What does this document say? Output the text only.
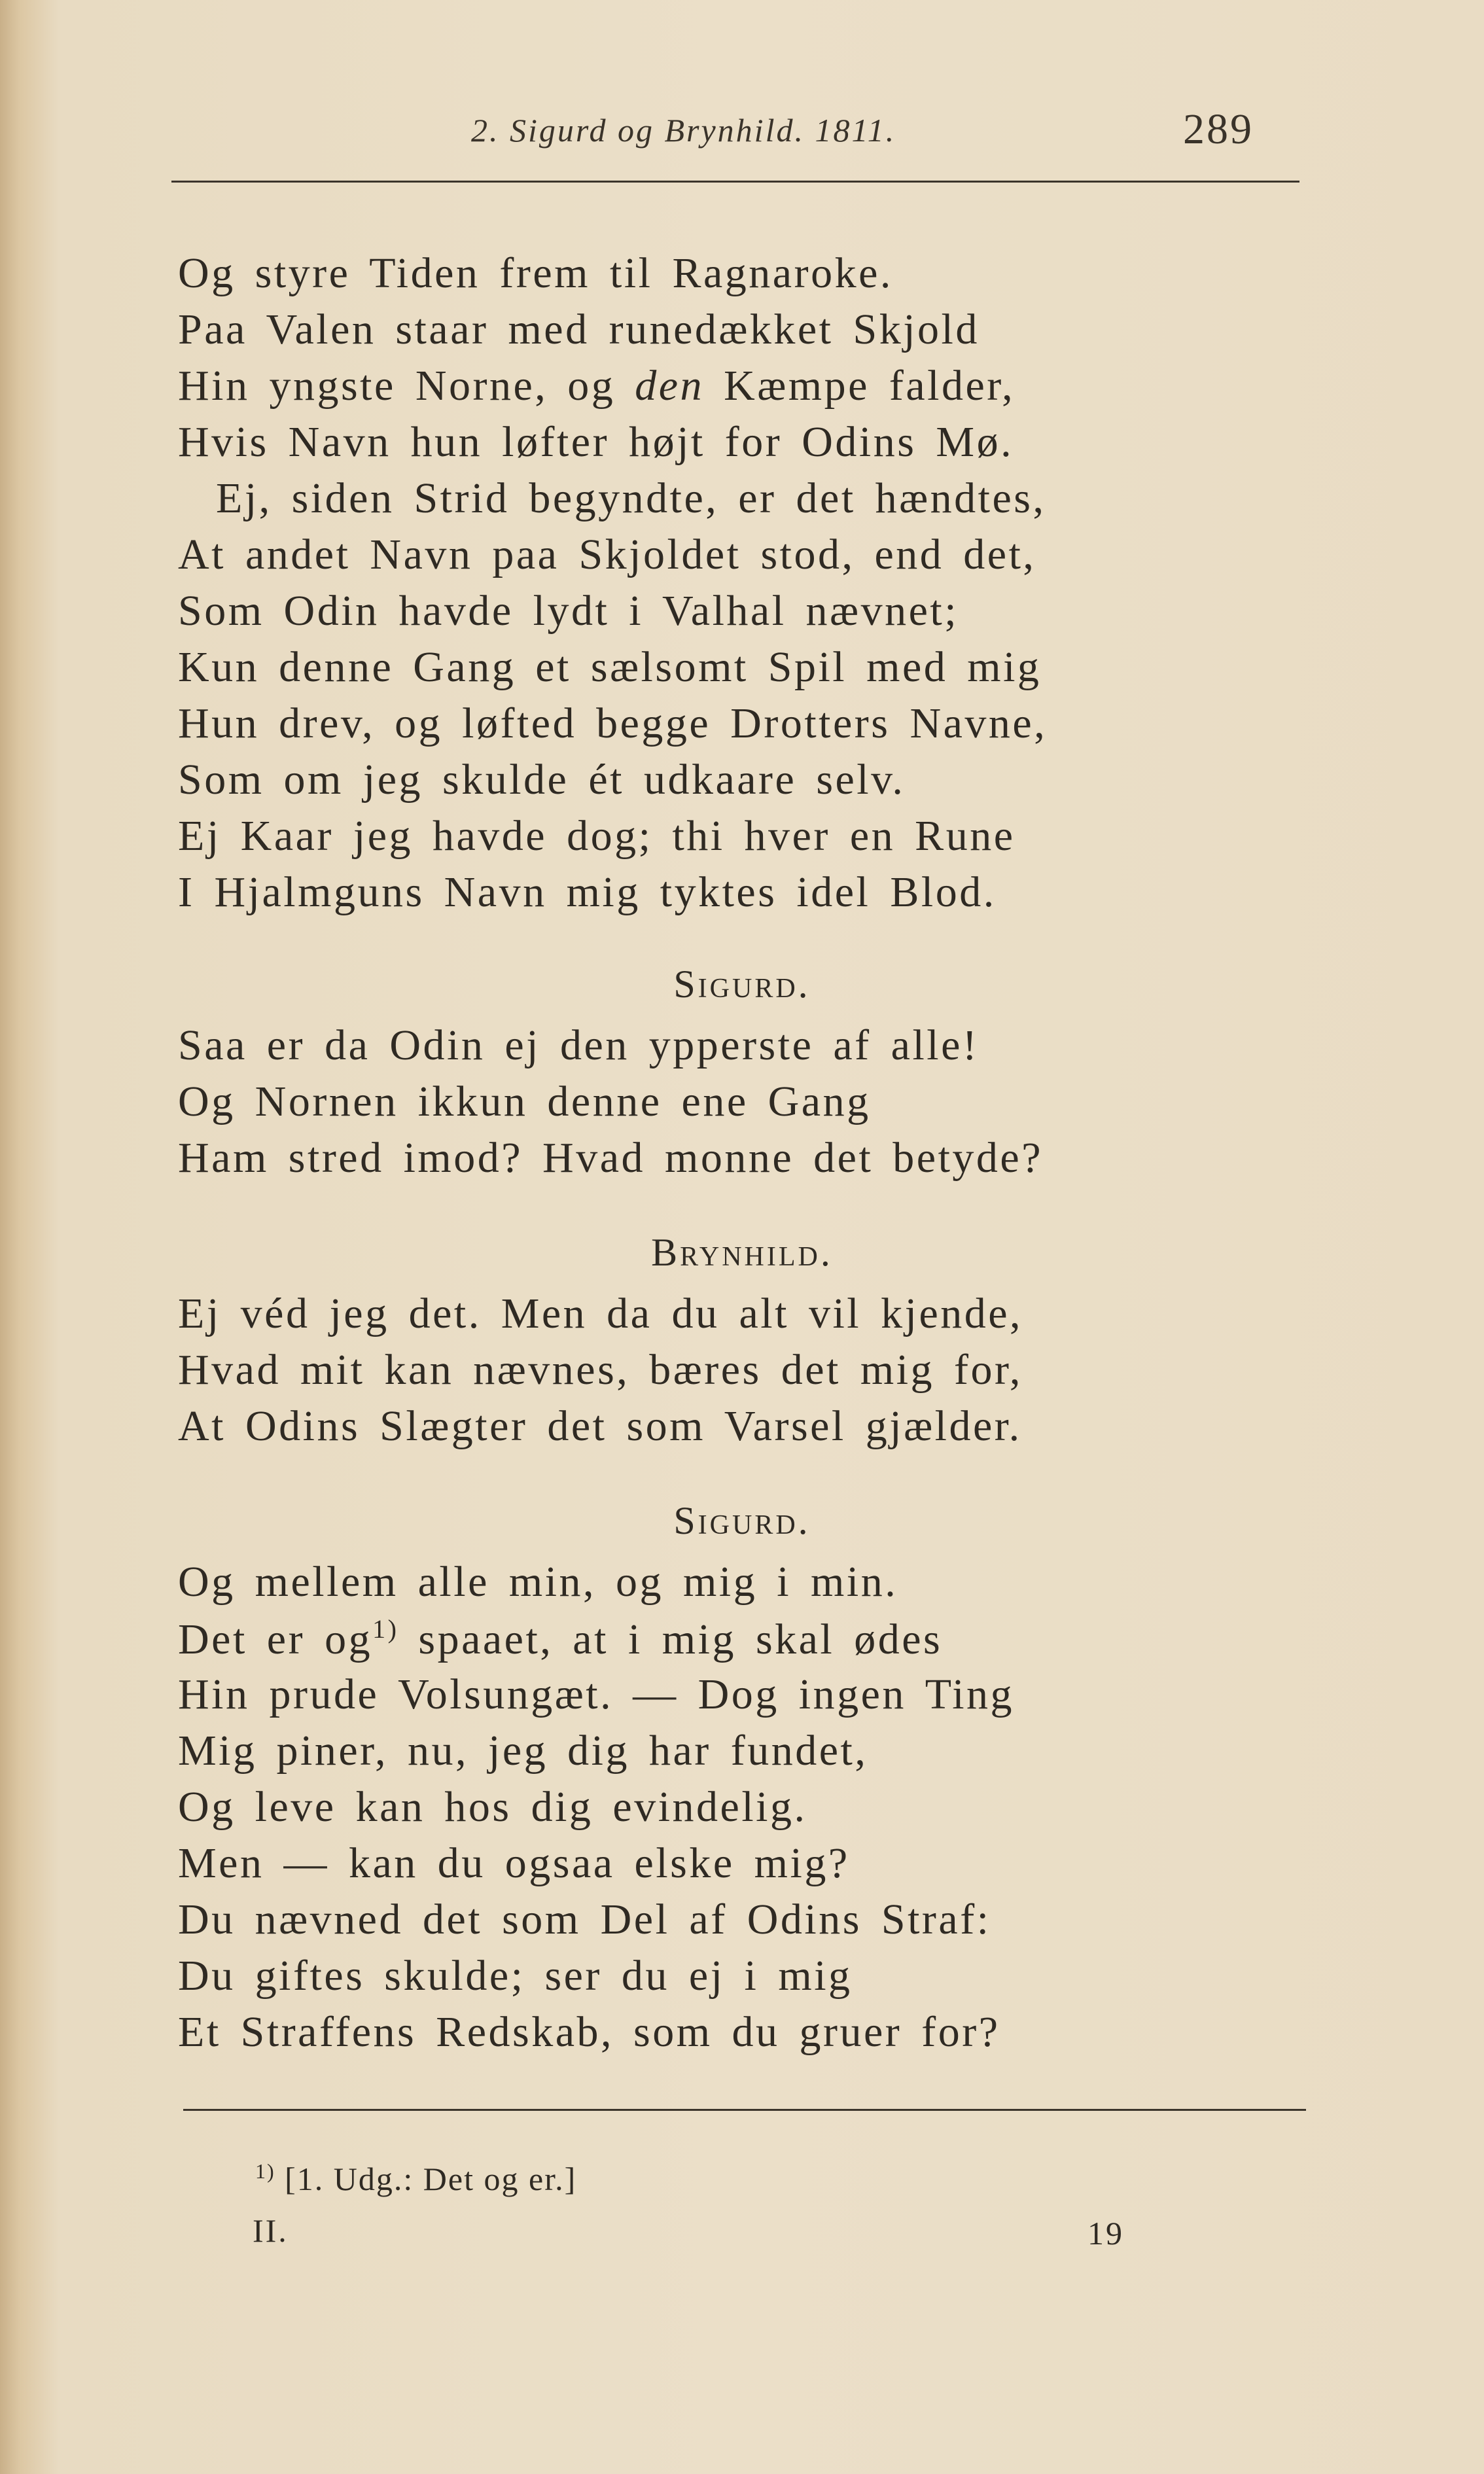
2. Sigurd og Brynhild. 1811.	289
Og styre Tiden frem til Ragnaroke.
Paa Valen staar med runedækket Skjold
Hin yngste Norne, og den Kæmpe falder,
Hvis Navn hun løfter højt for Odins Mø.
Ej, siden Strid begyndte, er det hændtes,
At andet Navn paa Skjoldet stod, end det,
Som Odin havde lydt i Valhal nævnet;
Kun denne Gang et sælsomt Spil med mig
Hun drev, og løfted begge Drotters Navne,
Som om jeg skulde ét udkaare selv.
Ej Kaar jeg havde dog; thi hver en Rune
I Hjalmguns Navn mig tyktes idel Blod.
Sigurd.
Saa er da Odin ej den ypperste af alle!
Og Nornen ikkun denne ene Gang
Ham stred imod? Hvad monne det betyde?
Brynhild.
Ej véd jeg det. Men da du alt vil kjende,
Hvad mit kan nævnes, bæres det mig for,
At Odins Slægter det som Varsel gjælder.
Sigurd.
Og mellem alle min, og mig i min.
Det er og$^{1)}$ spaaet, at i mig skal ødes
Hin prude Volsungæt. — Dog ingen Ting
Mig piner, nu, jeg dig har fundet,
Og leve kan hos dig evindelig.
Men — kan du ogsaa elske mig?
Du nævned det som Del af Odins Straf:
Du giftes skulde; ser du ej i mig
Et Straffens Redskab, som du gruer for?
$^{1)}$ [1. Udg.: Det og er.]
II.	19
